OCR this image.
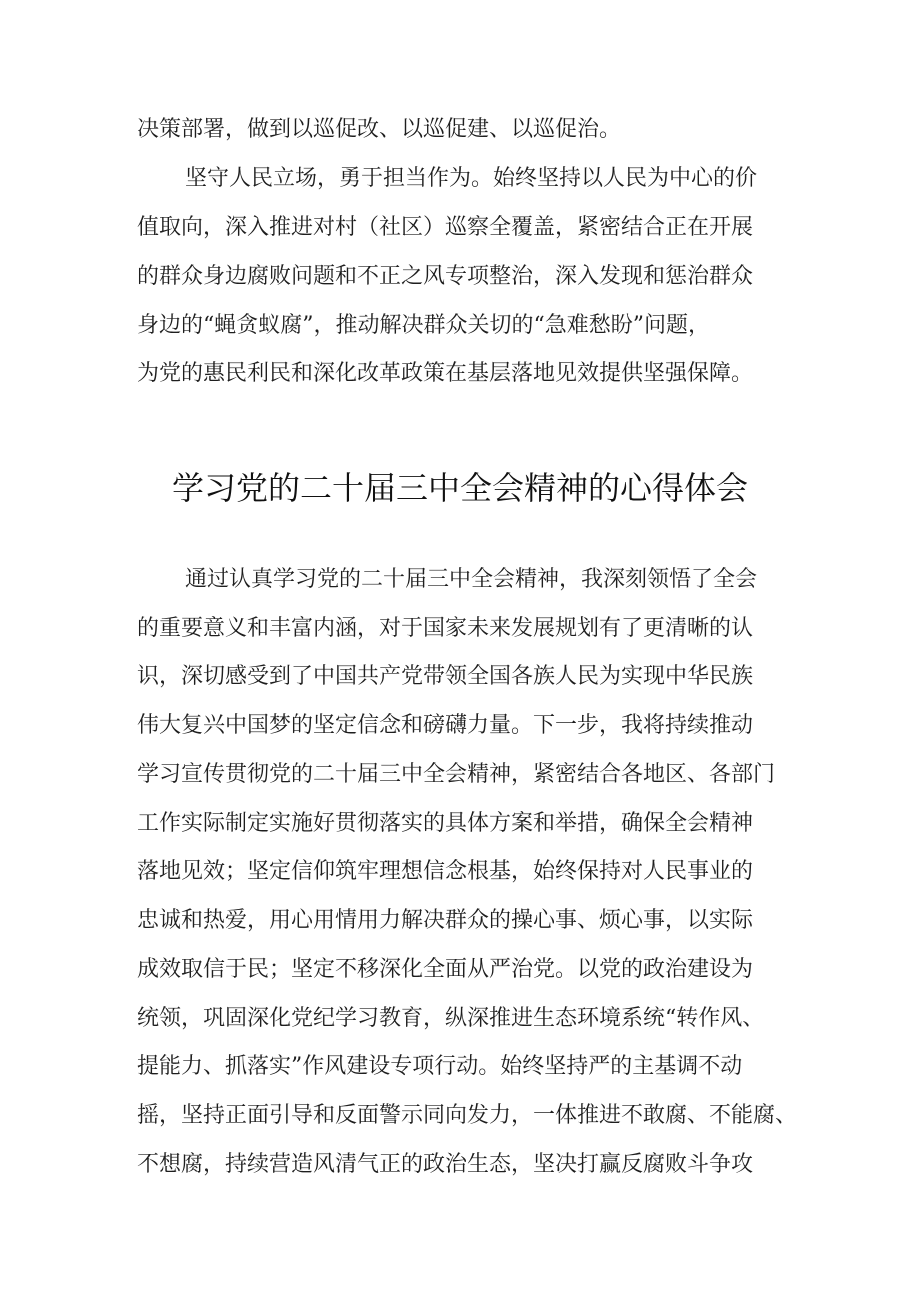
决策部署，做到以巡促改、以巡促建、以巡促治。
坚守人民立场，勇于担当作为。始终坚持以人民为中心的价
值取向，深入推进对村（社区）巡察全覆盖，紧密结合正在开展
的群众身边腐败问题和不正之风专项整治，深入发现和惩治群众
身边的“蝇贪蚁腐”，推动解决群众关切的“急难愁盼”问题，
为党的惠民利民和深化改革政策在基层落地见效提供坚强保障。
学习党的二十届三中全会精神的心得体会
通过认真学习党的二十届三中全会精神，我深刻领悟了全会
的重要意义和丰富内涵，对于国家未来发展规划有了更清晰的认
识，深切感受到了中国共产党带领全国各族人民为实现中华民族
伟大复兴中国梦的坚定信念和磅礴力量。下一步，我将持续推动
学习宣传贯彻党的二十届三中全会精神，紧密结合各地区、各部门
工作实际制定实施好贯彻落实的具体方案和举措，确保全会精神
落地见效；坚定信仰筑牢理想信念根基，始终保持对人民事业的
忠诚和热爱，用心用情用力解决群众的操心事、烦心事，以实际
成效取信于民；坚定不移深化全面从严治党。以党的政治建设为
统领，巩固深化党纪学习教育，纵深推进生态环境系统“转作风、
提能力、抓落实”作风建设专项行动。始终坚持严的主基调不动
摇，坚持正面引导和反面警示同向发力，一体推进不敢腐、不能腐、
不想腐，持续营造风清气正的政治生态，坚决打赢反腐败斗争攻
